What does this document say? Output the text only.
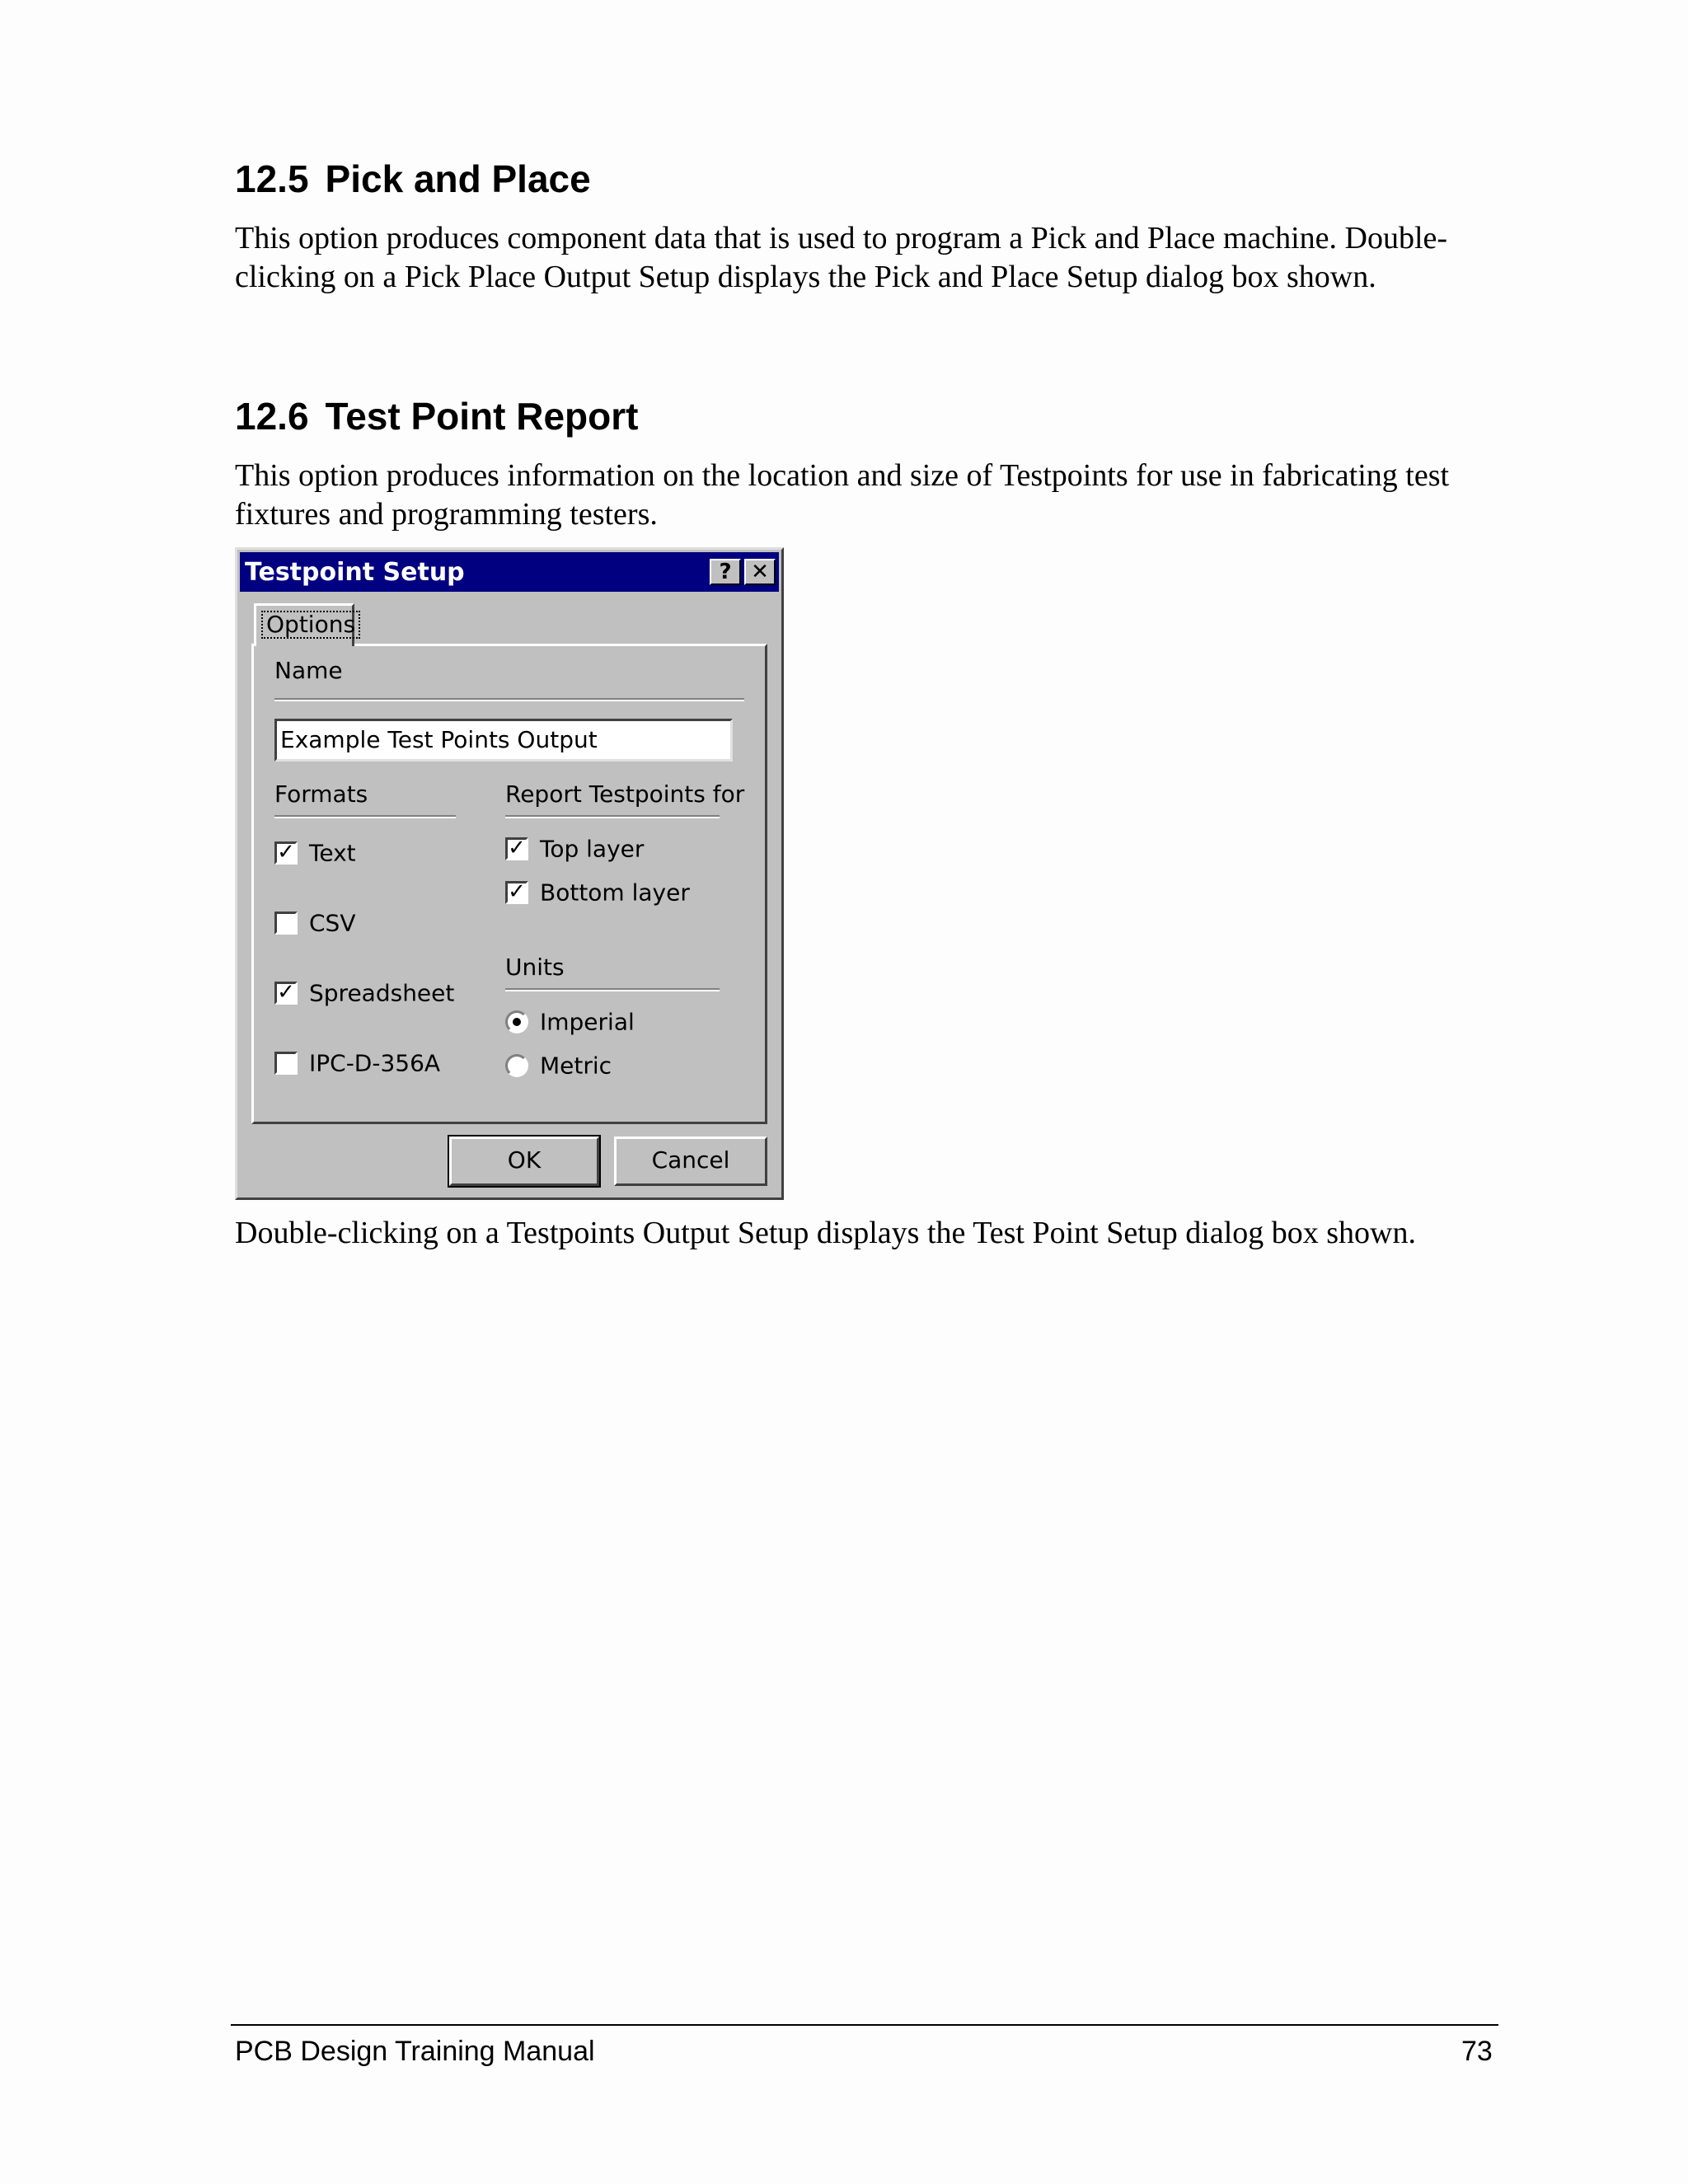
12.5 Pick and Place

This option produces component data that is used to program a Pick and Place machine. Double-clicking on a Pick Place Output Setup displays the Pick and Place Setup dialog box shown.

12.6 Test Point Report

This option produces information on the location and size of Testpoints for use in fabricating test fixtures and programming testers.

Testpoint Setup	? ✕
Options
Name
Example Test Points Output
Formats	Report Testpoints for
✓ Text
CSV
✓ Spreadsheet
IPC-D-356A
✓ Top layer
✓ Bottom layer
Units
Imperial
Metric
OK	Cancel

Double-clicking on a Testpoints Output Setup displays the Test Point Setup dialog box shown.

PCB Design Training Manual	73
